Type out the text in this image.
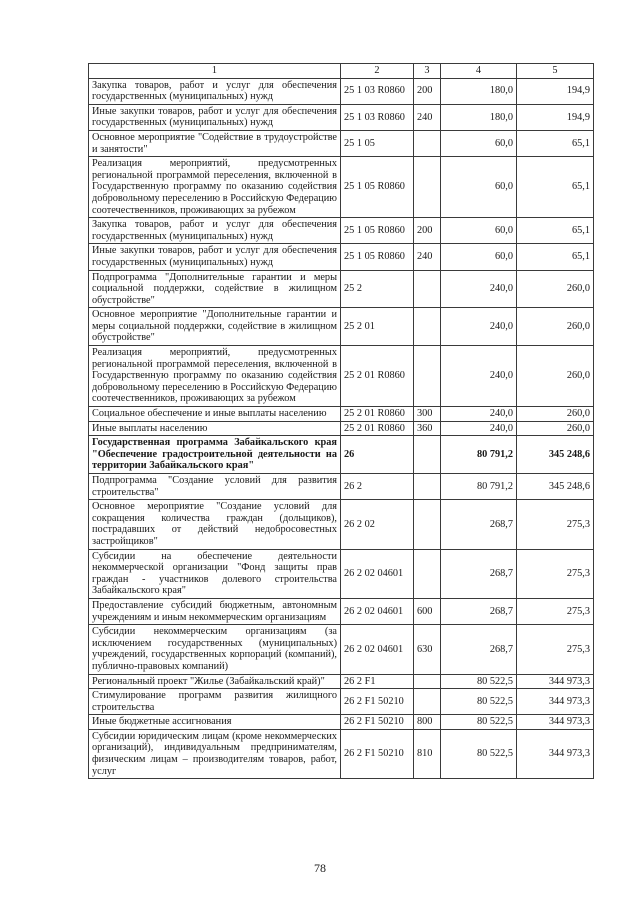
1	2	3	4	5
Закупка товаров, работ и услуг для обеспечения государственных (муниципальных) нужд	25 1 03 R0860	200	180,0	194,9
Иные закупки товаров, работ и услуг для обеспечения государственных (муниципальных) нужд	25 1 03 R0860	240	180,0	194,9
Основное мероприятие "Содействие в трудоустройстве и занятости"	25 1 05		60,0	65,1
Реализация мероприятий, предусмотренных региональной программой переселения, включенной в Государственную программу по оказанию содействия добровольному переселению в Российскую Федерацию соотечественников, проживающих за рубежом	25 1 05 R0860		60,0	65,1
Закупка товаров, работ и услуг для обеспечения государственных (муниципальных) нужд	25 1 05 R0860	200	60,0	65,1
Иные закупки товаров, работ и услуг для обеспечения государственных (муниципальных) нужд	25 1 05 R0860	240	60,0	65,1
Подпрограмма "Дополнительные гарантии и меры социальной поддержки, содействие в жилищном обустройстве"	25 2		240,0	260,0
Основное мероприятие "Дополнительные гарантии и меры социальной поддержки, содействие в жилищном обустройстве"	25 2 01		240,0	260,0
Реализация мероприятий, предусмотренных региональной программой переселения, включенной в Государственную программу по оказанию содействия добровольному переселению в Российскую Федерацию соотечественников, проживающих за рубежом	25 2 01 R0860		240,0	260,0
Социальное обеспечение и иные выплаты населению	25 2 01 R0860	300	240,0	260,0
Иные выплаты населению	25 2 01 R0860	360	240,0	260,0
Государственная программа Забайкальского края "Обеспечение градостроительной деятельности на территории Забайкальского края"	26		80 791,2	345 248,6
Подпрограмма "Создание условий для развития строительства"	26 2		80 791,2	345 248,6
Основное мероприятие "Создание условий для сокращения количества граждан (дольщиков), пострадавших от действий недобросовестных застройщиков"	26 2 02		268,7	275,3
Субсидии на обеспечение деятельности некоммерческой организации "Фонд защиты прав граждан - участников долевого строительства Забайкальского края"	26 2 02 04601		268,7	275,3
Предоставление субсидий бюджетным, автономным учреждениям и иным некоммерческим организациям	26 2 02 04601	600	268,7	275,3
Субсидии некоммерческим организациям (за исключением государственных (муниципальных) учреждений, государственных корпораций (компаний), публично-правовых компаний)	26 2 02 04601	630	268,7	275,3
Региональный проект "Жилье (Забайкальский край)"	26 2 F1		80 522,5	344 973,3
Стимулирование программ развития жилищного строительства	26 2 F1 50210		80 522,5	344 973,3
Иные бюджетные ассигнования	26 2 F1 50210	800	80 522,5	344 973,3
Субсидии юридическим лицам (кроме некоммерческих организаций), индивидуальным предпринимателям, физическим лицам – производителям товаров, работ, услуг	26 2 F1 50210	810	80 522,5	344 973,3
78
